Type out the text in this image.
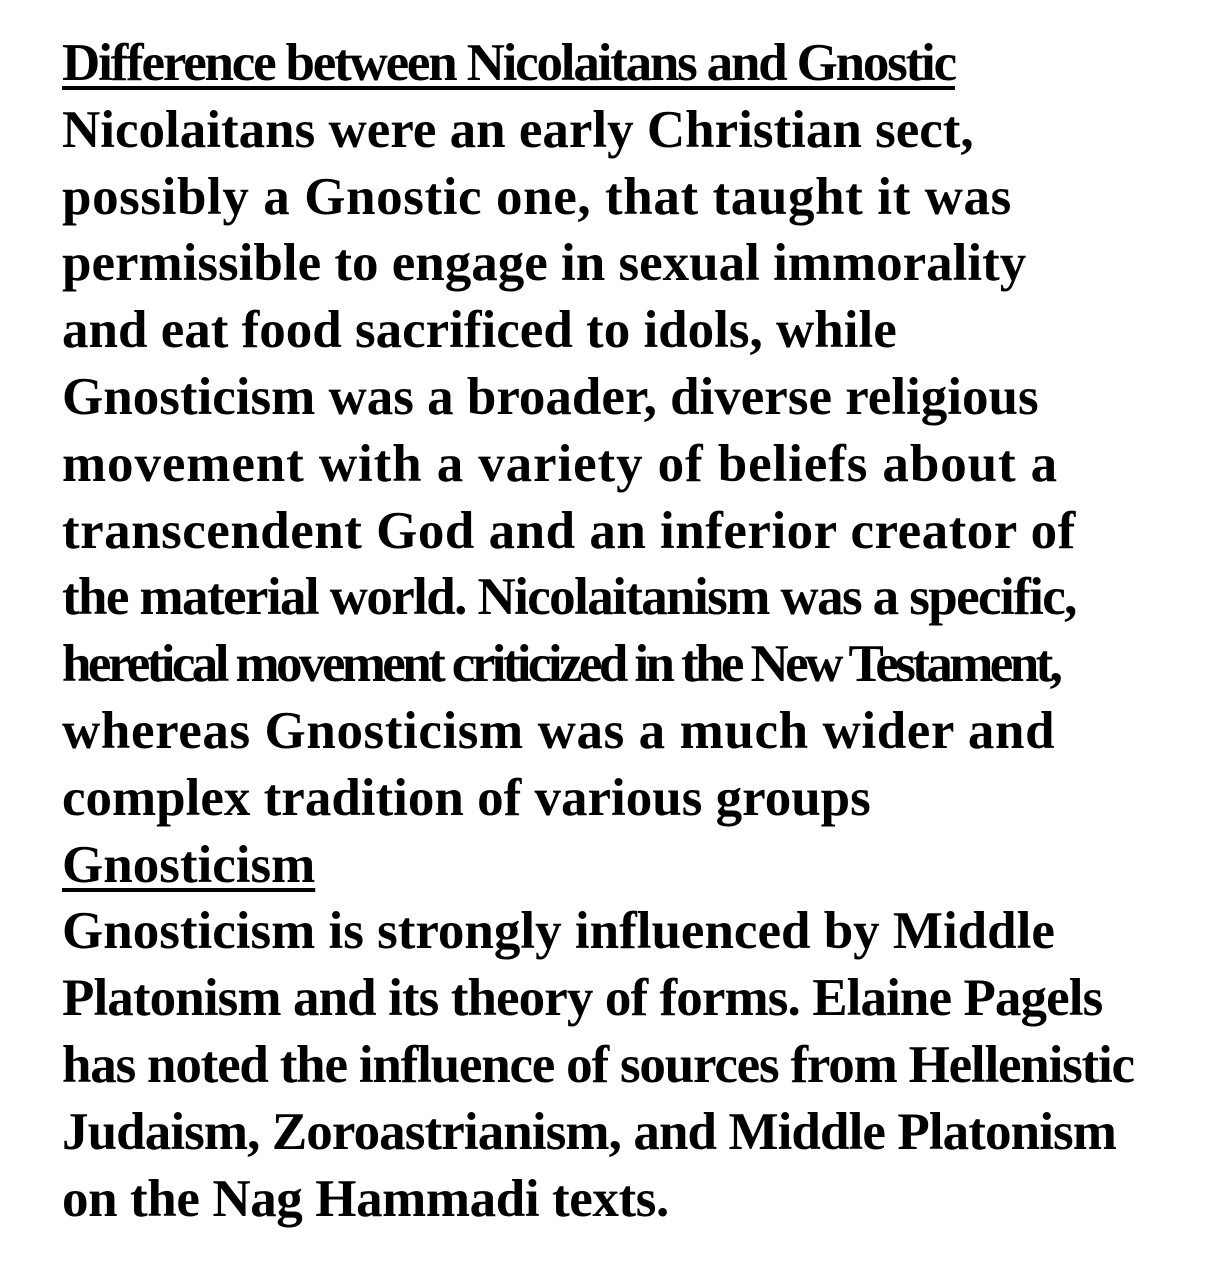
Difference between Nicolaitans and Gnostic
Nicolaitans were an early Christian sect,
possibly a Gnostic one, that taught it was
permissible to engage in sexual immorality
and eat food sacrificed to idols, while
Gnosticism was a broader, diverse religious
movement with a variety of beliefs about a
transcendent God and an inferior creator of
the material world. Nicolaitanism was a specific,
heretical movement criticized in the New Testament,
whereas Gnosticism was a much wider and
complex tradition of various groups
Gnosticism
Gnosticism is strongly influenced by Middle
Platonism and its theory of forms. Elaine Pagels
has noted the influence of sources from Hellenistic
Judaism, Zoroastrianism, and Middle Platonism
on the Nag Hammadi texts.
